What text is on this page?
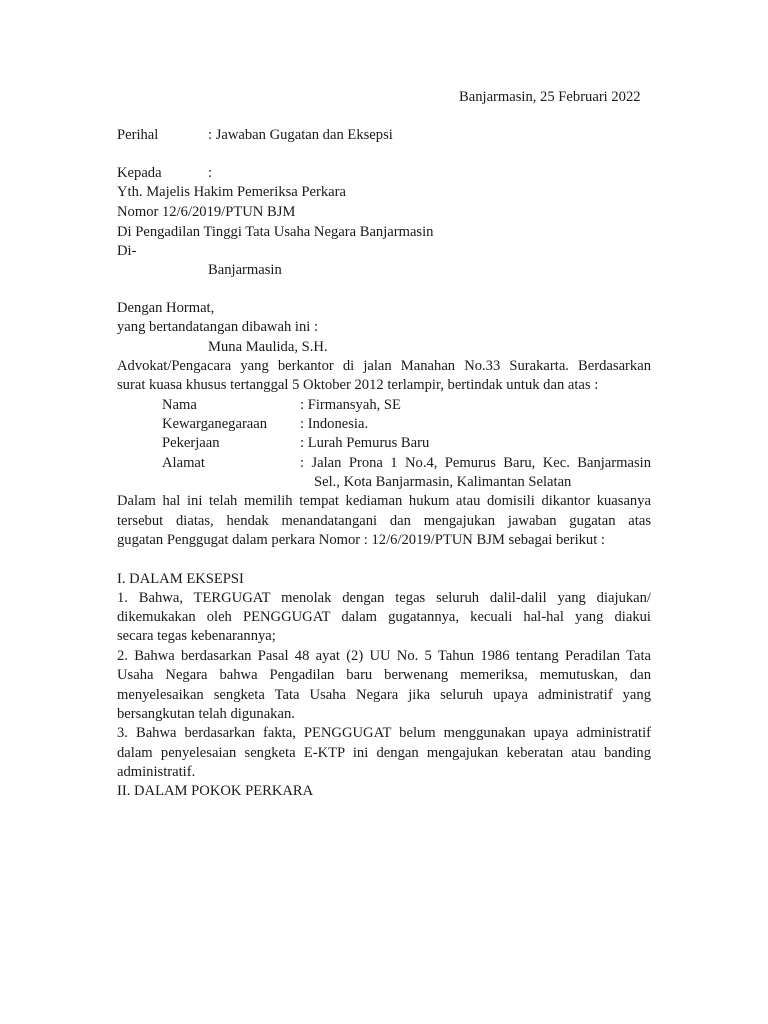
Banjarmasin, 25 Februari 2022
Perihal	: Jawaban Gugatan dan Eksepsi
Kepada	:
Yth. Majelis Hakim Pemeriksa Perkara
Nomor 12/6/2019/PTUN BJM
Di Pengadilan Tinggi Tata Usaha Negara Banjarmasin
Di-
Banjarmasin
Dengan Hormat,
yang bertandatangan dibawah ini :
Muna Maulida, S.H.
Advokat/Pengacara yang berkantor di jalan Manahan No.33 Surakarta. Berdasarkan
surat kuasa khusus tertanggal 5 Oktober 2012 terlampir, bertindak untuk dan atas :
Nama	: Firmansyah, SE
Kewarganegaraan : Indonesia.
Pekerjaan	: Lurah Pemurus Baru
Alamat	: Jalan Prona 1 No.4, Pemurus Baru, Kec. Banjarmasin
Sel., Kota Banjarmasin, Kalimantan Selatan
Dalam hal ini telah memilih tempat kediaman hukum atau domisili dikantor kuasanya
tersebut diatas, hendak menandatangani dan mengajukan jawaban gugatan atas
gugatan Penggugat dalam perkara Nomor : 12/6/2019/PTUN BJM sebagai berikut :
I. DALAM EKSEPSI
1. Bahwa, TERGUGAT menolak dengan tegas seluruh dalil-dalil yang diajukan/
dikemukakan oleh PENGGUGAT dalam gugatannya, kecuali hal-hal yang diakui
secara tegas kebenarannya;
2. Bahwa berdasarkan Pasal 48 ayat (2) UU No. 5 Tahun 1986 tentang Peradilan Tata
Usaha Negara bahwa Pengadilan baru berwenang memeriksa, memutuskan, dan
menyelesaikan sengketa Tata Usaha Negara jika seluruh upaya administratif yang
bersangkutan telah digunakan.
3. Bahwa berdasarkan fakta, PENGGUGAT belum menggunakan upaya administratif
dalam penyelesaian sengketa E-KTP ini dengan mengajukan keberatan atau banding
administratif.
II. DALAM POKOK PERKARA
